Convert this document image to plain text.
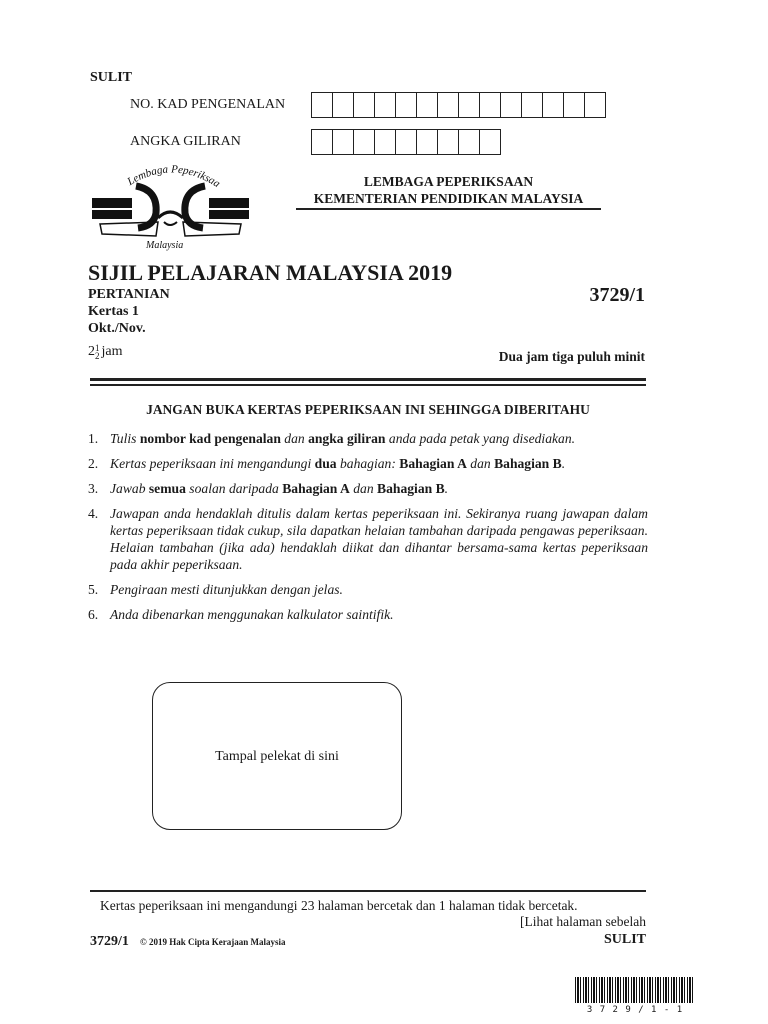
SULIT
NO. KAD PENGENALAN
ANGKA GILIRAN
Lembaga Peperiksaa
Malaysia
LEMBAGA PEPERIKSAAN
KEMENTERIAN PENDIDIKAN MALAYSIA
SIJIL PELAJARAN MALAYSIA 2019
PERTANIAN	3729/1
Kertas 1
Okt./Nov.
2 1
2 jam	Dua jam tiga puluh minit
JANGAN BUKA KERTAS PEPERIKSAAN INI SEHINGGA DIBERITAHU
1. Tulis nombor kad pengenalan dan angka giliran anda pada petak yang disediakan.
2. Kertas peperiksaan ini mengandungi dua bahagian: Bahagian A dan Bahagian B.
3. Jawab semua soalan daripada Bahagian A dan Bahagian B.
4. Jawapan anda hendaklah ditulis dalam kertas peperiksaan ini. Sekiranya ruang jawapan dalam kertas peperiksaan tidak cukup, sila dapatkan helaian tambahan daripada pengawas peperiksaan. Helaian tambahan (jika ada) hendaklah diikat dan dihantar bersama-sama kertas peperiksaan pada akhir peperiksaan.
5. Pengiraan mesti ditunjukkan dengan jelas.
6. Anda dibenarkan menggunakan kalkulator saintifik.
Tampal pelekat di sini
Kertas peperiksaan ini mengandungi 23 halaman bercetak dan 1 halaman tidak bercetak.
[Lihat halaman sebelah
3729/1 © 2019 Hak Cipta Kerajaan Malaysia	SULIT
3 7 2 9 / 1 - 1
